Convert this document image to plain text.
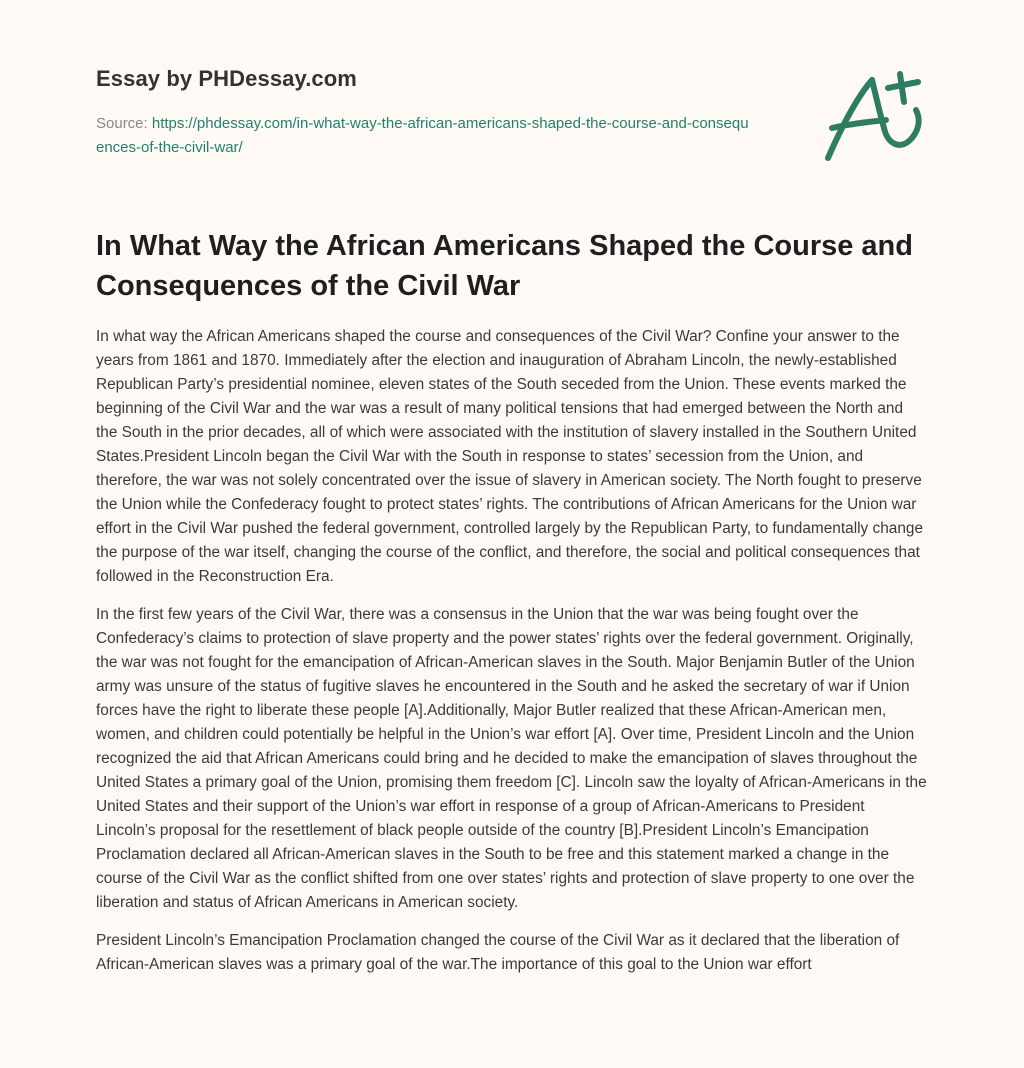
Essay by PHDessay.com
Source: https://phdessay.com/in-what-way-the-african-americans-shaped-the-course-and-consequences-of-the-civil-war/
In What Way the African Americans Shaped the Course and Consequences of the Civil War

In what way the African Americans shaped the course and consequences of the Civil War? Confine your answer to the years from 1861 and 1870. Immediately after the election and inauguration of Abraham Lincoln, the newly-established Republican Party’s presidential nominee, eleven states of the South seceded from the Union. These events marked the beginning of the Civil War and the war was a result of many political tensions that had emerged between the North and the South in the prior decades, all of which were associated with the institution of slavery installed in the Southern United States.President Lincoln began the Civil War with the South in response to states’ secession from the Union, and therefore, the war was not solely concentrated over the issue of slavery in American society. The North fought to preserve the Union while the Confederacy fought to protect states’ rights. The contributions of African Americans for the Union war effort in the Civil War pushed the federal government, controlled largely by the Republican Party, to fundamentally change the purpose of the war itself, changing the course of the conflict, and therefore, the social and political consequences that followed in the Reconstruction Era.

In the first few years of the Civil War, there was a consensus in the Union that the war was being fought over the Confederacy’s claims to protection of slave property and the power states’ rights over the federal government. Originally, the war was not fought for the emancipation of African-American slaves in the South. Major Benjamin Butler of the Union army was unsure of the status of fugitive slaves he encountered in the South and he asked the secretary of war if Union forces have the right to liberate these people [A].Additionally, Major Butler realized that these African-American men, women, and children could potentially be helpful in the Union’s war effort [A]. Over time, President Lincoln and the Union recognized the aid that African Americans could bring and he decided to make the emancipation of slaves throughout the United States a primary goal of the Union, promising them freedom [C]. Lincoln saw the loyalty of African-Americans in the United States and their support of the Union’s war effort in response of a group of African-Americans to President Lincoln’s proposal for the resettlement of black people outside of the country [B].President Lincoln’s Emancipation Proclamation declared all African-American slaves in the South to be free and this statement marked a change in the course of the Civil War as the conflict shifted from one over states’ rights and protection of slave property to one over the liberation and status of African Americans in American society.

President Lincoln’s Emancipation Proclamation changed the course of the Civil War as it declared that the liberation of African-American slaves was a primary goal of the war.The importance of this goal to the Union war effort
